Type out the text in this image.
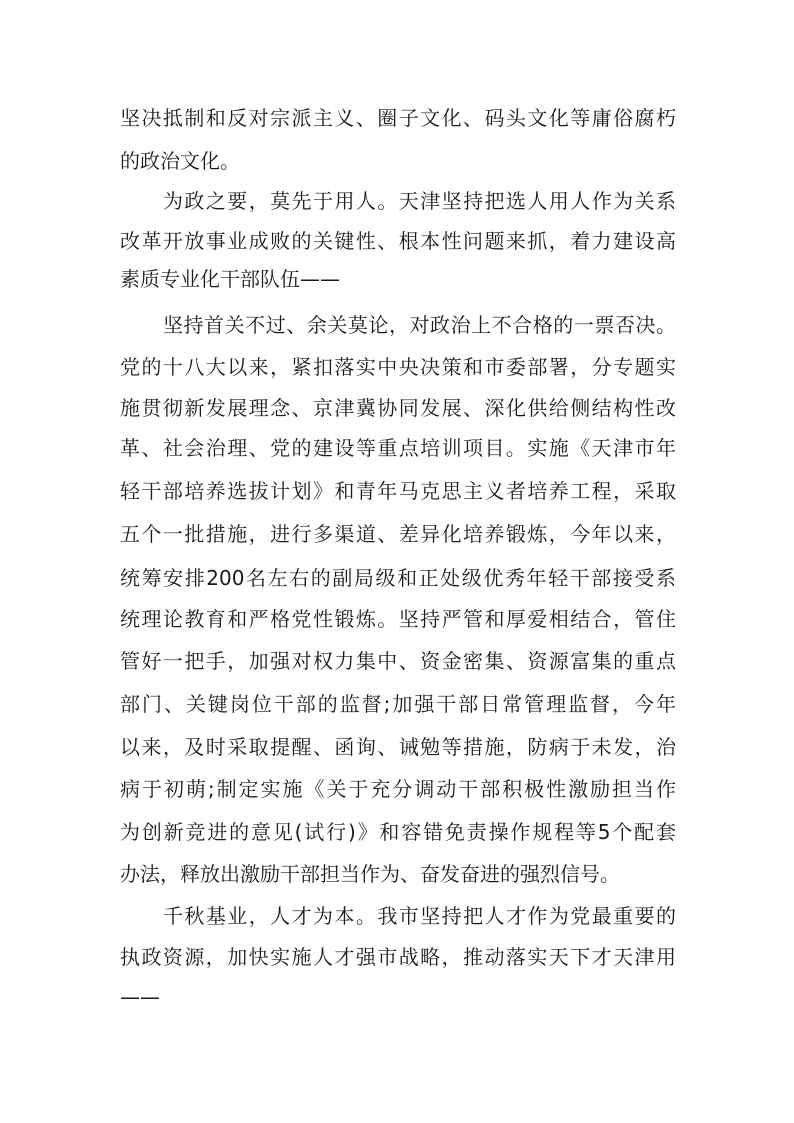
坚决抵制和反对宗派主义、圈子文化、码头文化等庸俗腐朽
的政治文化。
为政之要，莫先于用人。天津坚持把选人用人作为关系
改革开放事业成败的关键性、根本性问题来抓，着力建设高
素质专业化干部队伍——
坚持首关不过、余关莫论，对政治上不合格的一票否决。
党的十八大以来，紧扣落实中央决策和市委部署，分专题实
施贯彻新发展理念、京津冀协同发展、深化供给侧结构性改
革、社会治理、党的建设等重点培训项目。实施《天津市年
轻干部培养选拔计划》和青年马克思主义者培养工程，采取
五个一批措施，进行多渠道、差异化培养锻炼，今年以来，
统筹安排200名左右的副局级和正处级优秀年轻干部接受系
统理论教育和严格党性锻炼。坚持严管和厚爱相结合，管住
管好一把手，加强对权力集中、资金密集、资源富集的重点
部门、关键岗位干部的监督;加强干部日常管理监督，今年
以来，及时采取提醒、函询、诫勉等措施，防病于未发，治
病于初萌;制定实施《关于充分调动干部积极性激励担当作
为创新竞进的意见(试行)》和容错免责操作规程等5个配套
办法，释放出激励干部担当作为、奋发奋进的强烈信号。
千秋基业，人才为本。我市坚持把人才作为党最重要的
执政资源，加快实施人才强市战略，推动落实天下才天津用
——
